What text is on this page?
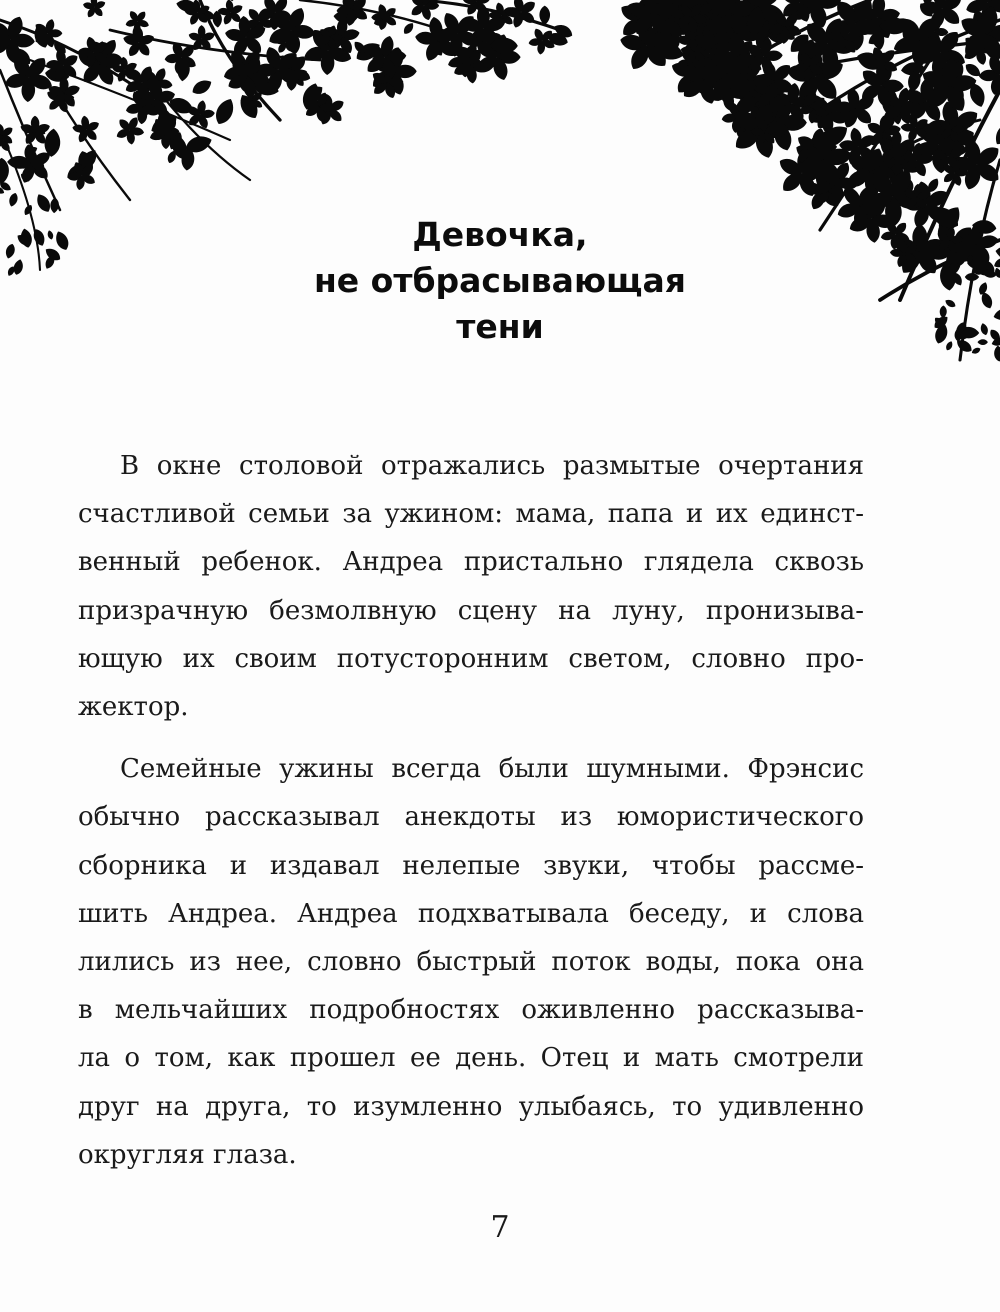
Девочка,
не отбрасывающая
тени

В окне столовой отражались размытые очертания
счастливой семьи за ужином: мама, папа и их единст-
венный ребенок. Андреа пристально глядела сквозь
призрачную безмолвную сцену на луну, пронизыва-
ющую их своим потусторонним светом, словно про-
жектор.

Семейные ужины всегда были шумными. Фрэнсис
обычно рассказывал анекдоты из юмористического
сборника и издавал нелепые звуки, чтобы рассме-
шить Андреа. Андреа подхватывала беседу, и слова
лились из нее, словно быстрый поток воды, пока она
в мельчайших подробностях оживленно рассказыва-
ла о том, как прошел ее день. Отец и мать смотрели
друг на друга, то изумленно улыбаясь, то удивленно
округляя глаза.

7
